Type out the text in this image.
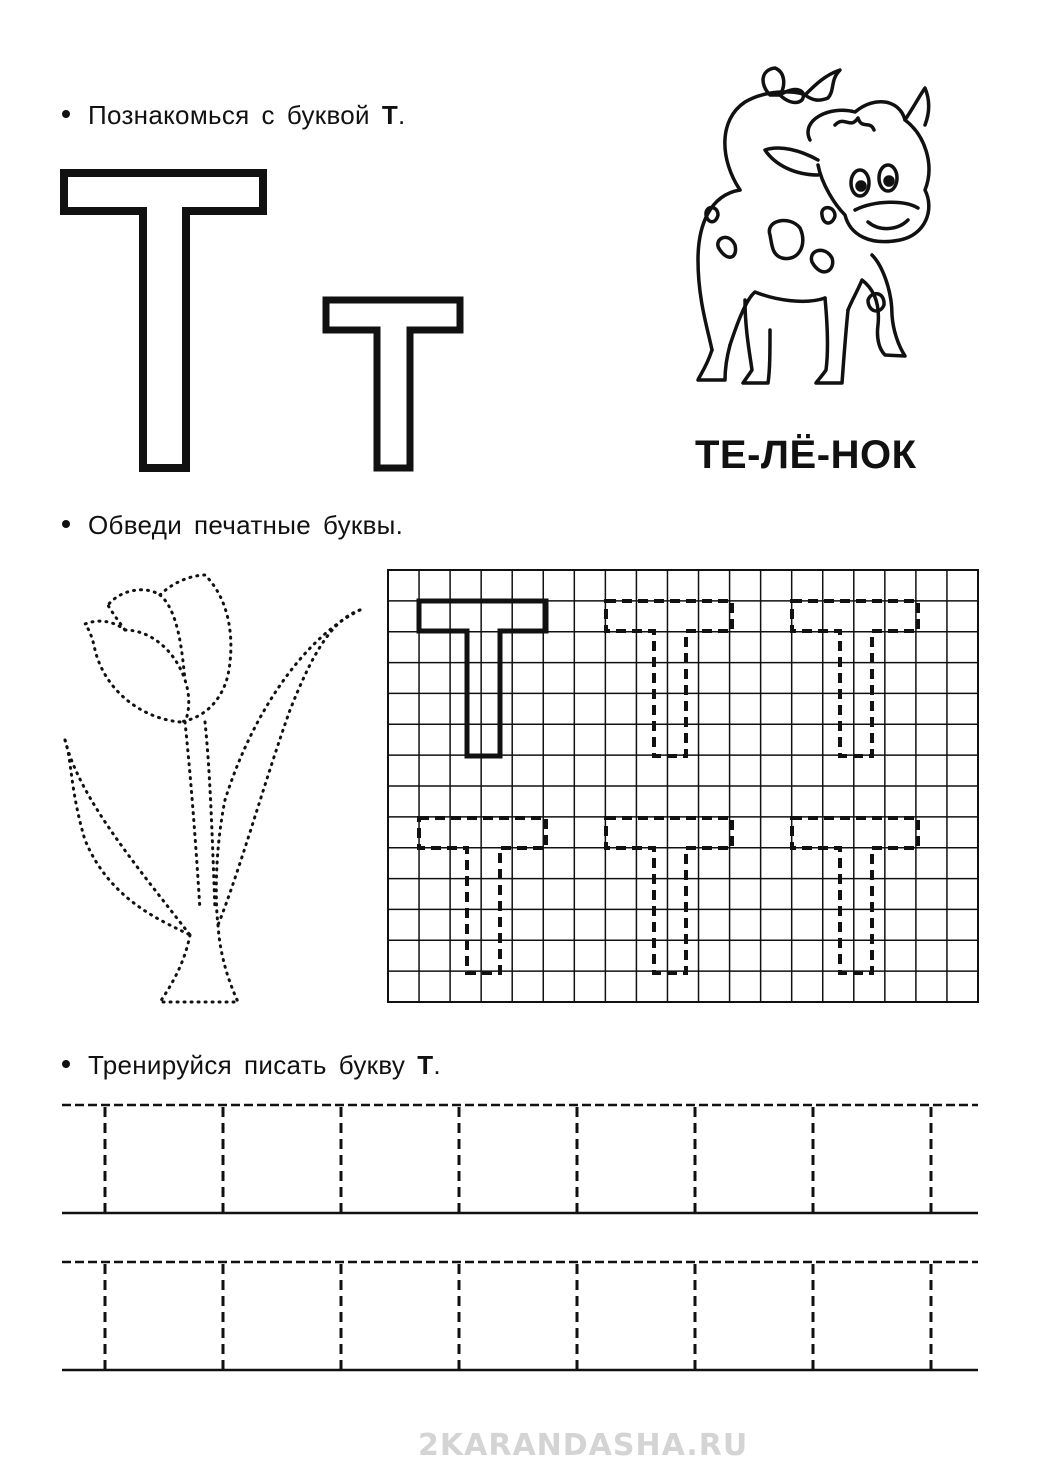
Познакомься с буквой Т.
ТЕ-ЛЁ-НОК
Обведи печатные буквы.
Тренируйся писать букву Т.
2KARANDASHA.RU
